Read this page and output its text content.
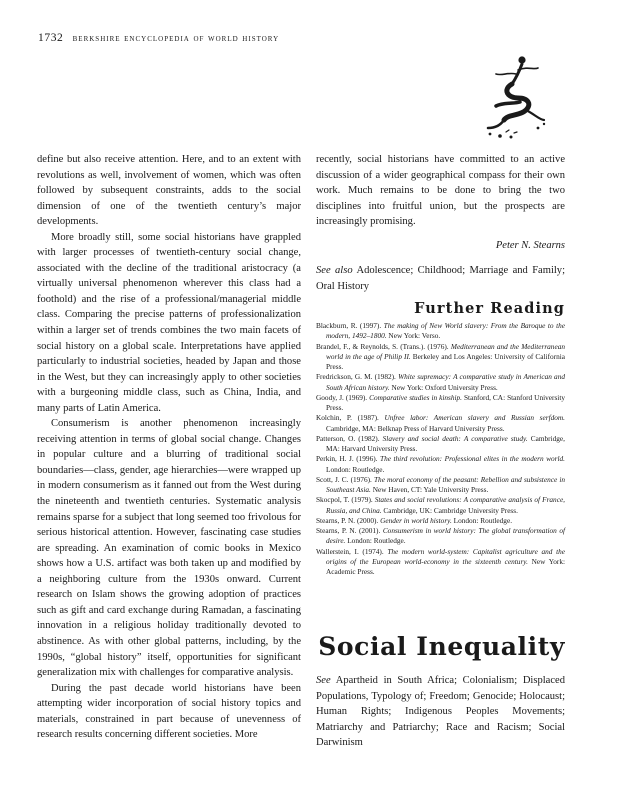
1732 berkshire encyclopedia of world history

define but also receive attention. Here, and to an extent with revolutions as well, involvement of women, which was often followed by subsequent constraints, adds to the social dimension of one of the twentieth century’s major developments.

More broadly still, some social historians have grappled with larger processes of twentieth-century social change, associated with the decline of the traditional aristocracy (a virtually universal phenomenon wherever this class had a foothold) and the rise of a professional/managerial middle class. Comparing the precise patterns of professionalization within a larger set of trends combines the two main facets of social history on a global scale. Interpretations have applied particularly to industrial societies, headed by Japan and those in the West, but they can increasingly apply to other societies with a burgeoning middle class, such as China, India, and many parts of Latin America.

Consumerism is another phenomenon increasingly receiving attention in terms of global social change. Changes in popular culture and a blurring of traditional social boundaries—class, gender, age hierarchies—were wrapped up in modern consumerism as it fanned out from the West during the nineteenth and twentieth centuries. Systematic analysis remains sparse for a subject that long seemed too frivolous for serious historical attention. However, fascinating case studies are spreading. An examination of comic books in Mexico shows how a U.S. artifact was both taken up and modified by a neighboring culture from the 1930s onward. Current research on Islam shows the growing adoption of practices such as gift and card exchange during Ramadan, a fascinating innovation in a religious holiday traditionally devoted to abstinence. As with other global patterns, including, by the 1990s, “global history” itself, opportunities for significant generalization mix with challenges for comparative analysis.

During the past decade world historians have been attempting wider incorporation of social history topics and materials, constrained in part because of unevenness of research results concerning different societies. More

recently, social historians have committed to an active discussion of a wider geographical compass for their own work. Much remains to be done to bring the two disciplines into fruitful union, but the prospects are increasingly promising.

Peter N. Stearns

See also Adolescence; Childhood; Marriage and Family; Oral History

Further Reading
Blackburn, R. (1997). The making of New World slavery: From the Baroque to the modern, 1492–1800. New York: Verso.
Brandel, F., & Reynolds, S. (Trans.). (1976). Mediterranean and the Mediterranean world in the age of Philip II. Berkeley and Los Angeles: University of California Press.
Fredrickson, G. M. (1982). White supremacy: A comparative study in American and South African history. New York: Oxford University Press.
Goody, J. (1969). Comparative studies in kinship. Stanford, CA: Stanford University Press.
Kolchin, P. (1987). Unfree labor: American slavery and Russian serfdom. Cambridge, MA: Belknap Press of Harvard University Press.
Patterson, O. (1982). Slavery and social death: A comparative study. Cambridge, MA: Harvard University Press.
Perkin, H. J. (1996). The third revolution: Professional elites in the modern world. London: Routledge.
Scott, J. C. (1976). The moral economy of the peasant: Rebellion and subsistence in Southeast Asia. New Haven, CT: Yale University Press.
Skocpol, T. (1979). States and social revolutions: A comparative analysis of France, Russia, and China. Cambridge, UK: Cambridge University Press.
Stearns, P. N. (2000). Gender in world history. London: Routledge.
Stearns, P. N. (2001). Consumerism in world history: The global transformation of desire. London: Routledge.
Wallerstein, I. (1974). The modern world-system: Capitalist agriculture and the origins of the European world-economy in the sixteenth century. New York: Academic Press.
Social Inequality
See Apartheid in South Africa; Colonialism; Displaced Populations, Typology of; Freedom; Genocide; Holocaust; Human Rights; Indigenous Peoples Movements; Matriarchy and Patriarchy; Race and Racism; Social Darwinism
